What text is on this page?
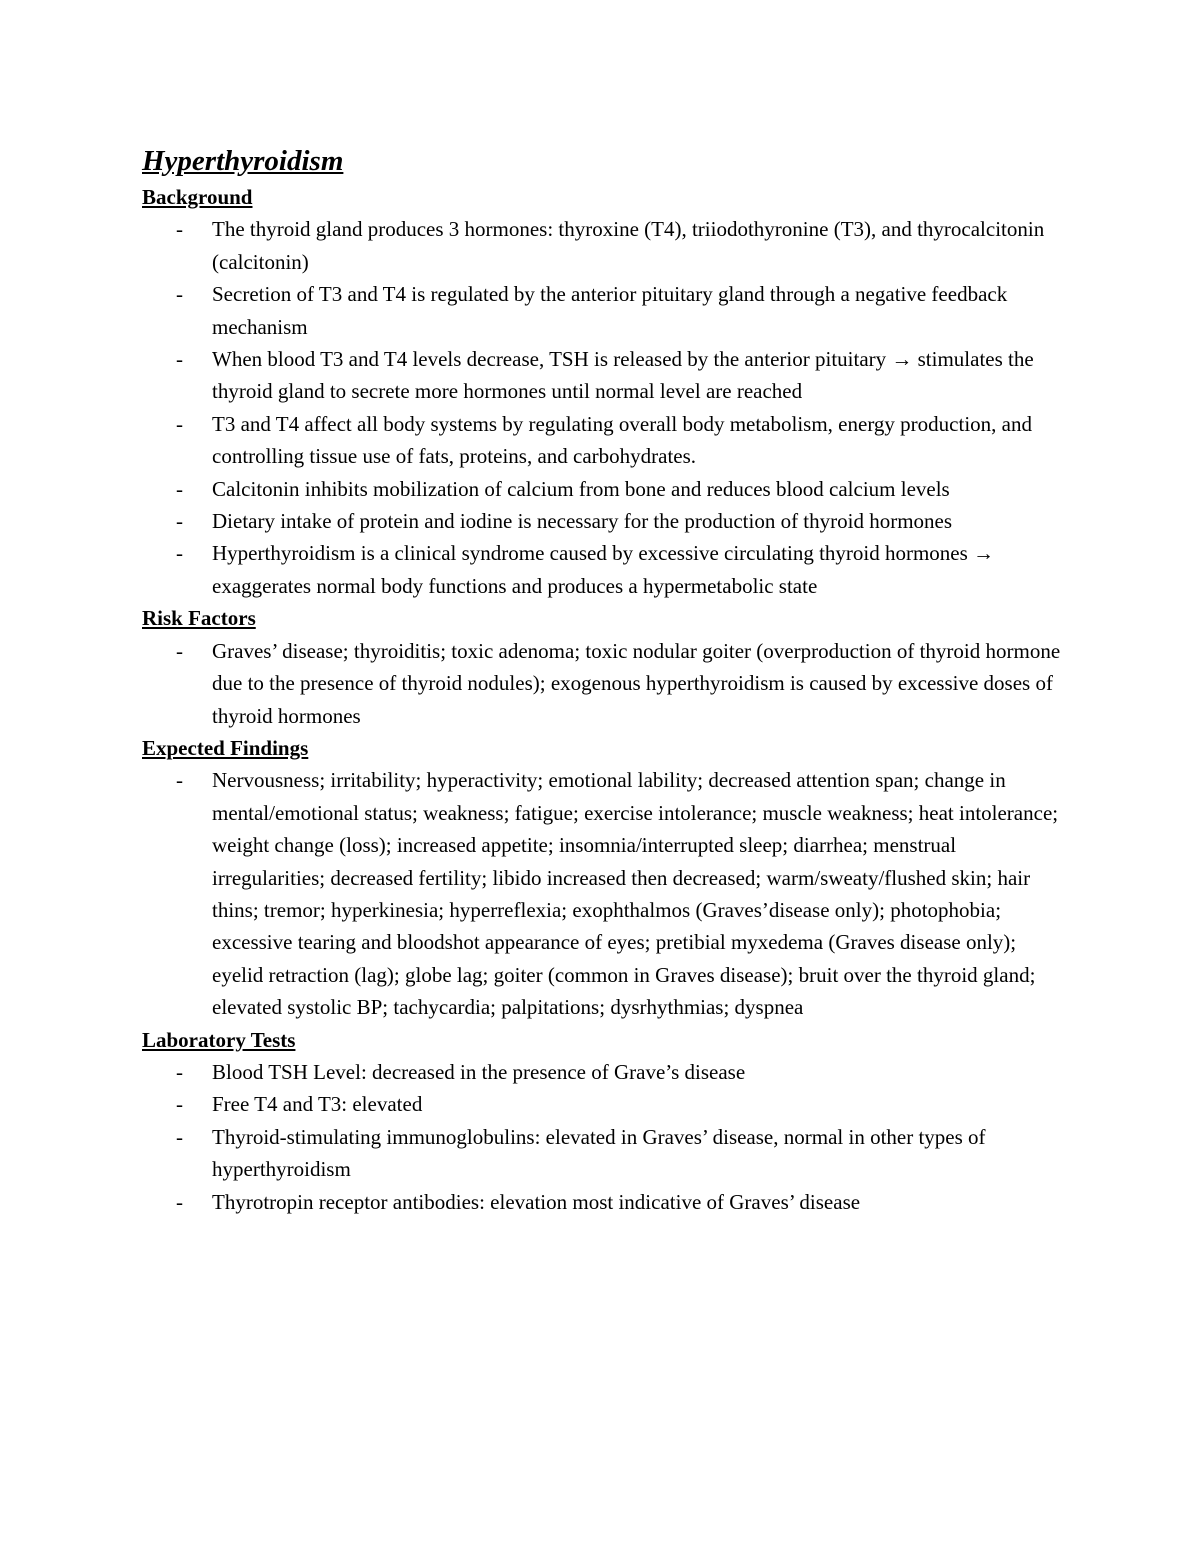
Hyperthyroidism
Background
- The thyroid gland produces 3 hormones: thyroxine (T4), triiodothyronine (T3), and thyrocalcitonin (calcitonin)
- Secretion of T3 and T4 is regulated by the anterior pituitary gland through a negative feedback mechanism
- When blood T3 and T4 levels decrease, TSH is released by the anterior pituitary → stimulates the thyroid gland to secrete more hormones until normal level are reached
- T3 and T4 affect all body systems by regulating overall body metabolism, energy production, and controlling tissue use of fats, proteins, and carbohydrates.
- Calcitonin inhibits mobilization of calcium from bone and reduces blood calcium levels
- Dietary intake of protein and iodine is necessary for the production of thyroid hormones
- Hyperthyroidism is a clinical syndrome caused by excessive circulating thyroid hormones → exaggerates normal body functions and produces a hypermetabolic state
Risk Factors
- Graves’ disease; thyroiditis; toxic adenoma; toxic nodular goiter (overproduction of thyroid hormone due to the presence of thyroid nodules); exogenous hyperthyroidism is caused by excessive doses of thyroid hormones
Expected Findings
- Nervousness; irritability; hyperactivity; emotional lability; decreased attention span; change in mental/emotional status; weakness; fatigue; exercise intolerance; muscle weakness; heat intolerance; weight change (loss); increased appetite; insomnia/interrupted sleep; diarrhea; menstrual irregularities; decreased fertility; libido increased then decreased; warm/sweaty/flushed skin; hair thins; tremor; hyperkinesia; hyperreflexia; exophthalmos (Graves’disease only); photophobia; excessive tearing and bloodshot appearance of eyes; pretibial myxedema (Graves disease only); eyelid retraction (lag); globe lag; goiter (common in Graves disease); bruit over the thyroid gland; elevated systolic BP; tachycardia; palpitations; dysrhythmias; dyspnea
Laboratory Tests
- Blood TSH Level: decreased in the presence of Grave’s disease
- Free T4 and T3: elevated
- Thyroid-stimulating immunoglobulins: elevated in Graves’ disease, normal in other types of hyperthyroidism
- Thyrotropin receptor antibodies: elevation most indicative of Graves’ disease
